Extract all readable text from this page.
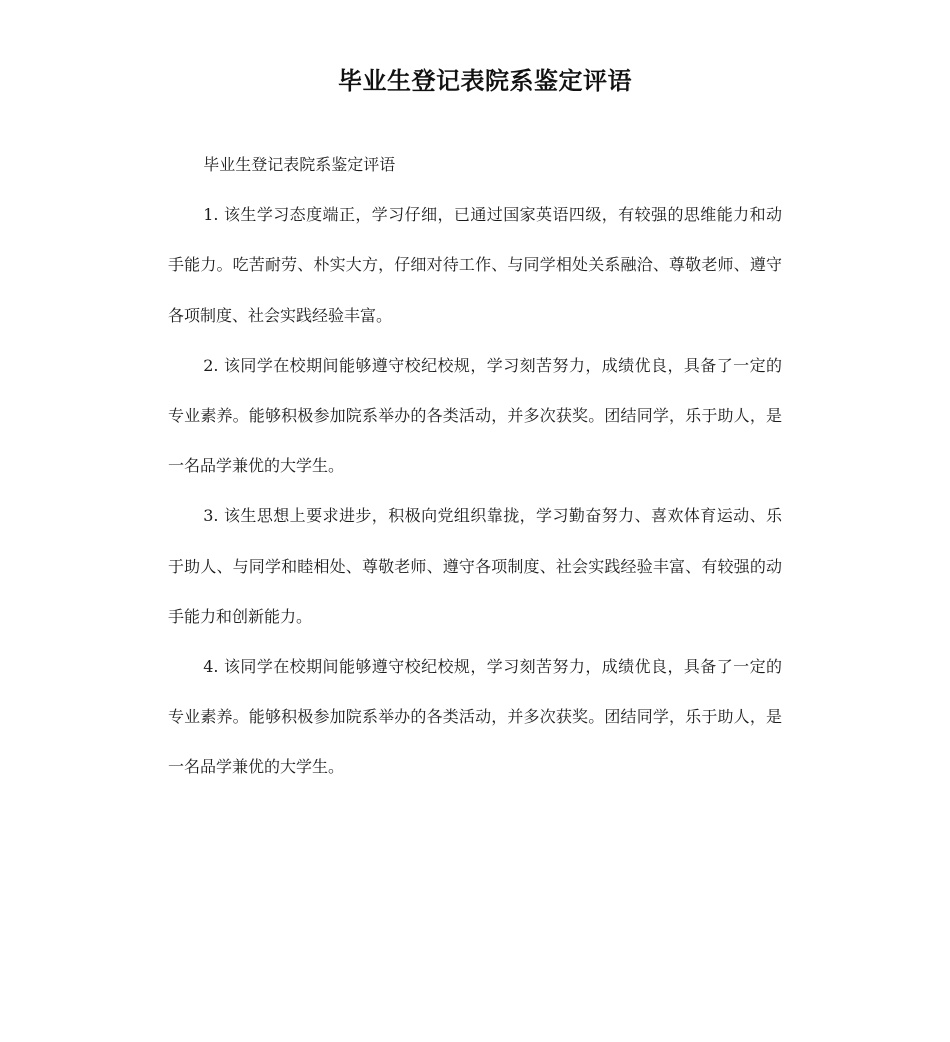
毕业生登记表院系鉴定评语

毕业生登记表院系鉴定评语

1. 该生学习态度端正，学习仔细，已通过国家英语四级，有较强的思维能力和动手能力。吃苦耐劳、朴实大方，仔细对待工作、与同学相处关系融洽、尊敬老师、遵守各项制度、社会实践经验丰富。

2. 该同学在校期间能够遵守校纪校规，学习刻苦努力，成绩优良，具备了一定的专业素养。能够积极参加院系举办的各类活动，并多次获奖。团结同学，乐于助人，是一名品学兼优的大学生。

3. 该生思想上要求进步，积极向党组织靠拢，学习勤奋努力、喜欢体育运动、乐于助人、与同学和睦相处、尊敬老师、遵守各项制度、社会实践经验丰富、有较强的动手能力和创新能力。

4. 该同学在校期间能够遵守校纪校规，学习刻苦努力，成绩优良，具备了一定的专业素养。能够积极参加院系举办的各类活动，并多次获奖。团结同学，乐于助人，是一名品学兼优的大学生。
